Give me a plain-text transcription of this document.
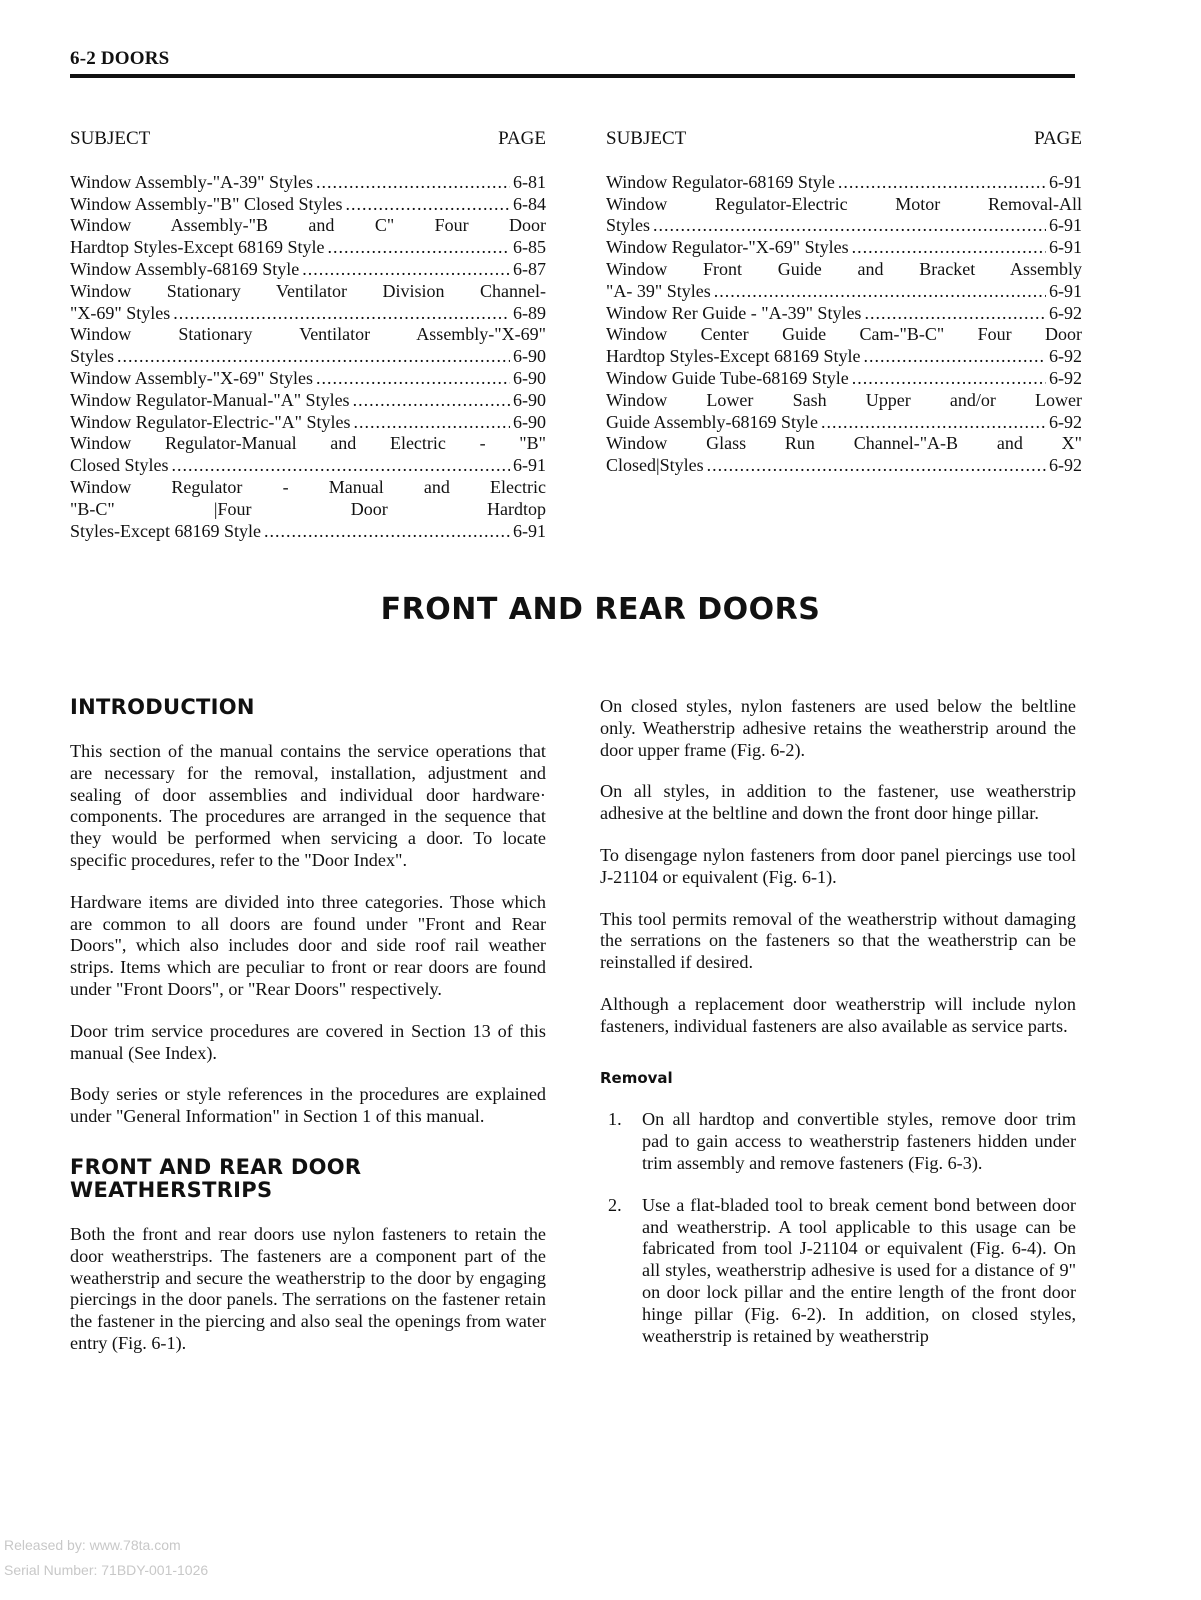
6-2 DOORS
SUBJECT	PAGE
Window Assembly-"A-39" Styles .....	6-81
Window Assembly-"B" Closed Styles .....	6-84
Window Assembly-"B and C" Four Door
Hardtop Styles-Except 68169 Style .....	6-85
Window Assembly-68169 Style .....	6-87
Window Stationary Ventilator Division Channel-
"X-69" Styles .....	6-89
Window Stationary Ventilator Assembly-"X-69"
Styles .....	6-90
Window Assembly-"X-69" Styles .....	6-90
Window Regulator-Manual-"A" Styles .....	6-90
Window Regulator-Electric-"A" Styles .....	6-90
Window Regulator-Manual and Electric - "B"
Closed Styles .....	6-91
Window Regulator - Manual and Electric
"B-C" |Four Door Hardtop
Styles-Except 68169 Style .....	6-91
SUBJECT	PAGE
Window Regulator-68169 Style .....	6-91
Window Regulator-Electric Motor Removal-All
Styles .....	6-91
Window Regulator-"X-69" Styles .....	6-91
Window Front Guide and Bracket Assembly
"A- 39" Styles .....	6-91
Window Rer Guide - "A-39" Styles .....	6-92
Window Center Guide Cam-"B-C" Four Door
Hardtop Styles-Except 68169 Style .....	6-92
Window Guide Tube-68169 Style .....	6-92
Window Lower Sash Upper and/or Lower
Guide Assembly-68169 Style .....	6-92
Window Glass Run Channel-"A-B and X"
Closed|Styles .....	6-92
FRONT AND REAR DOORS
INTRODUCTION

This section of the manual contains the service operations that are necessary for the removal, installation, adjustment and sealing of door assemblies and individual door hardware· components. The procedures are arranged in the sequence that they would be performed when servicing a door. To locate specific procedures, refer to the "Door Index".

Hardware items are divided into three categories. Those which are common to all doors are found under "Front and Rear Doors", which also includes door and side roof rail weather strips. Items which are peculiar to front or rear doors are found under "Front Doors", or "Rear Doors" respectively.

Door trim service procedures are covered in Section 13 of this manual (See Index).

Body series or style references in the procedures are explained under "General Information" in Section 1 of this manual.

FRONT AND REAR DOOR
WEATHERSTRIPS

Both the front and rear doors use nylon fasteners to retain the door weatherstrips. The fasteners are a component part of the weatherstrip and secure the weatherstrip to the door by engaging piercings in the door panels. The serrations on the fastener retain the fastener in the piercing and also seal the openings from water entry (Fig. 6-1).

On closed styles, nylon fasteners are used below the beltline only. Weatherstrip adhesive retains the weatherstrip around the door upper frame (Fig. 6-2).

On all styles, in addition to the fastener, use weatherstrip adhesive at the beltline and down the front door hinge pillar.

To disengage nylon fasteners from door panel piercings use tool J-21104 or equivalent (Fig. 6-1).

This tool permits removal of the weatherstrip without damaging the serrations on the fasteners so that the weatherstrip can be reinstalled if desired.

Although a replacement door weatherstrip will include nylon fasteners, individual fasteners are also available as service parts.

Removal
1.	On all hardtop and convertible styles, remove door trim pad to gain access to weatherstrip fasteners hidden under trim assembly and remove fasteners (Fig. 6-3).
2.	Use a flat-bladed tool to break cement bond between door and weatherstrip. A tool applicable to this usage can be fabricated from tool J-21104 or equivalent (Fig. 6-4). On all styles, weatherstrip adhesive is used for a distance of 9" on door lock pillar and the entire length of the front door hinge pillar (Fig. 6-2). In addition, on closed styles, weatherstrip is retained by weatherstrip
Released by: www.78ta.com
Serial Number: 71BDY-001-1026
